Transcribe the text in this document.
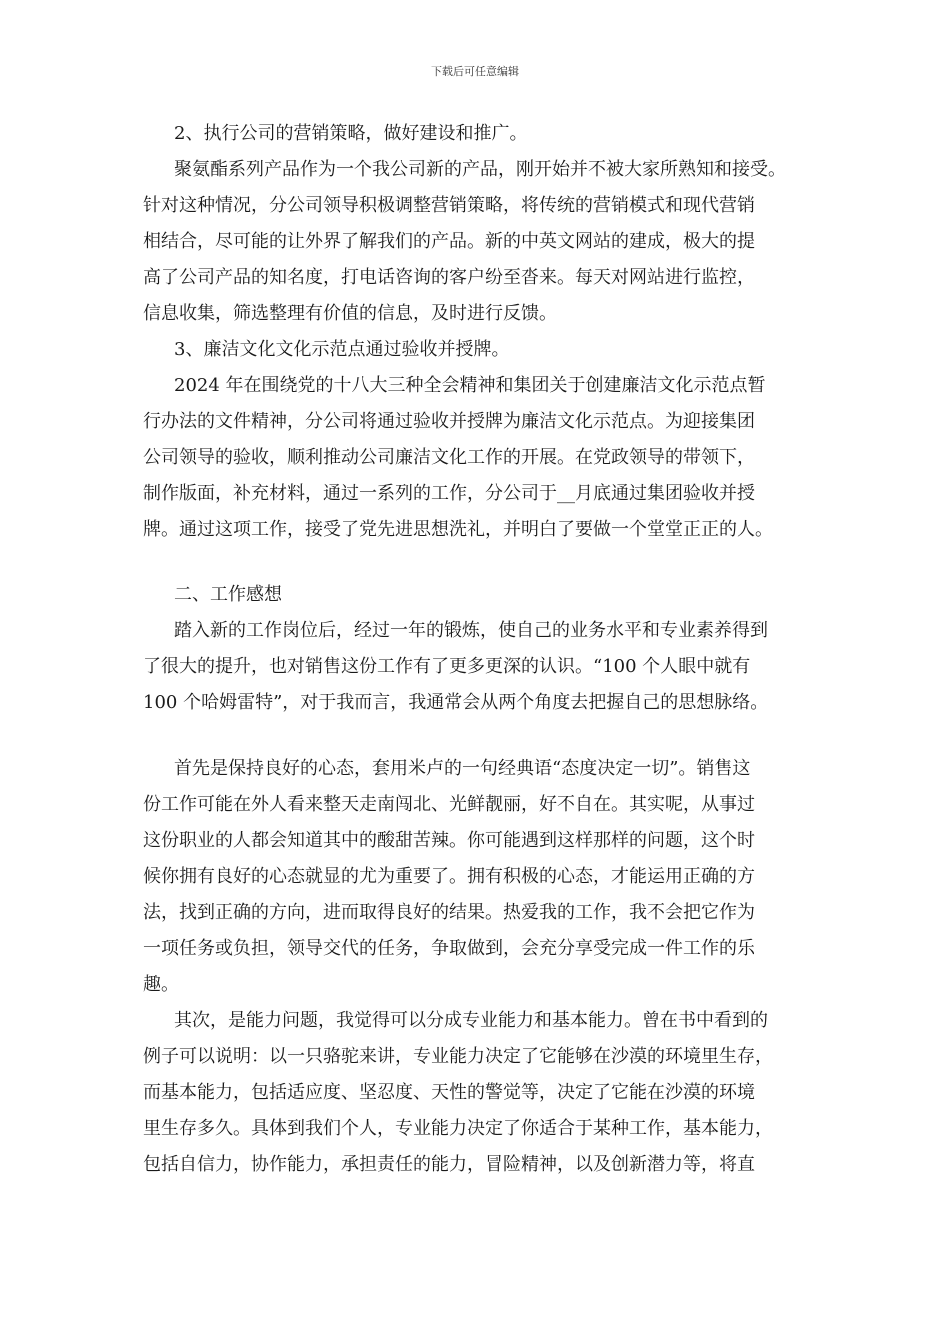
下载后可任意编辑
2、执行公司的营销策略，做好建设和推广。
聚氨酯系列产品作为一个我公司新的产品，刚开始并不被大家所熟知和接受。
针对这种情况，分公司领导积极调整营销策略，将传统的营销模式和现代营销
相结合，尽可能的让外界了解我们的产品。新的中英文网站的建成，极大的提
高了公司产品的知名度，打电话咨询的客户纷至沓来。每天对网站进行监控，
信息收集，筛选整理有价值的信息，及时进行反馈。
3、廉洁文化文化示范点通过验收并授牌。
2024 年在围绕党的十八大三种全会精神和集团关于创建廉洁文化示范点暂
行办法的文件精神，分公司将通过验收并授牌为廉洁文化示范点。为迎接集团
公司领导的验收，顺利推动公司廉洁文化工作的开展。在党政领导的带领下，
制作版面，补充材料，通过一系列的工作，分公司于__月底通过集团验收并授
牌。通过这项工作，接受了党先进思想洗礼，并明白了要做一个堂堂正正的人。
二、工作感想
踏入新的工作岗位后，经过一年的锻炼，使自己的业务水平和专业素养得到
了很大的提升，也对销售这份工作有了更多更深的认识。“100 个人眼中就有
100 个哈姆雷特”，对于我而言，我通常会从两个角度去把握自己的思想脉络。
首先是保持良好的心态，套用米卢的一句经典语“态度决定一切”。销售这
份工作可能在外人看来整天走南闯北、光鲜靓丽，好不自在。其实呢，从事过
这份职业的人都会知道其中的酸甜苦辣。你可能遇到这样那样的问题，这个时
候你拥有良好的心态就显的尤为重要了。拥有积极的心态，才能运用正确的方
法，找到正确的方向，进而取得良好的结果。热爱我的工作，我不会把它作为
一项任务或负担，领导交代的任务，争取做到，会充分享受完成一件工作的乐
趣。
其次，是能力问题，我觉得可以分成专业能力和基本能力。曾在书中看到的
例子可以说明：以一只骆驼来讲，专业能力决定了它能够在沙漠的环境里生存，
而基本能力，包括适应度、坚忍度、天性的警觉等，决定了它能在沙漠的环境
里生存多久。具体到我们个人，专业能力决定了你适合于某种工作，基本能力，
包括自信力，协作能力，承担责任的能力，冒险精神，以及创新潜力等，将直
